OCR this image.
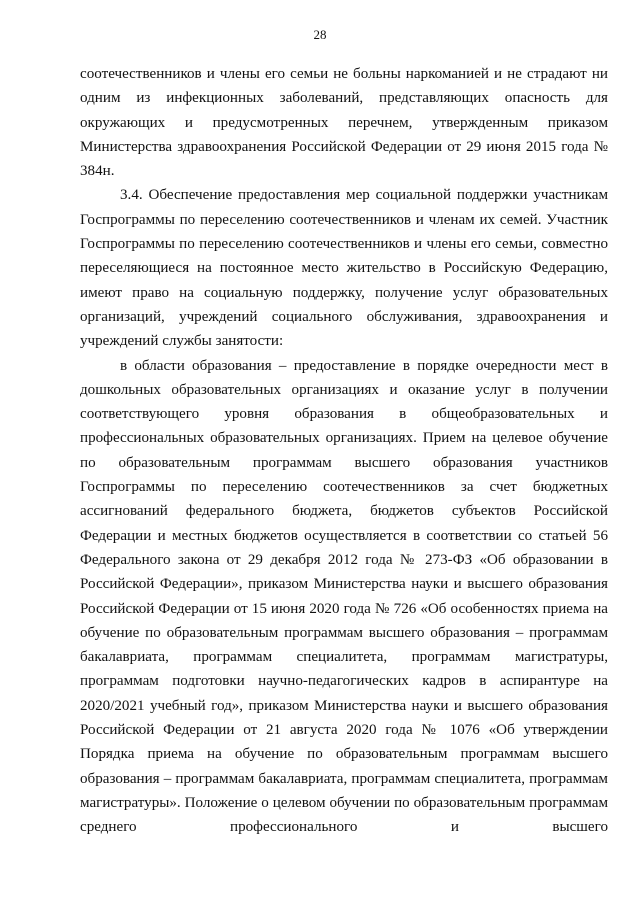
28

соотечественников и члены его семьи не больны наркоманией и не страдают ни одним из инфекционных заболеваний, представляющих опасность для окружающих и предусмотренных перечнем, утвержденным приказом Министерства здравоохранения Российской Федерации от 29 июня 2015 года № 384н.

3.4. Обеспечение предоставления мер социальной поддержки участникам Госпрограммы по переселению соотечественников и членам их семей. Участник Госпрограммы по переселению соотечественников и члены его семьи, совместно переселяющиеся на постоянное место жительство в Российскую Федерацию, имеют право на социальную поддержку, получение услуг образовательных организаций, учреждений социального обслуживания, здравоохранения и учреждений службы занятости:

в области образования – предоставление в порядке очередности мест в дошкольных образовательных организациях и оказание услуг в получении соответствующего уровня образования в общеобразовательных и профессиональных образовательных организациях. Прием на целевое обучение по образовательным программам высшего образования участников Госпрограммы по переселению соотечественников за счет бюджетных ассигнований федерального бюджета, бюджетов субъектов Российской Федерации и местных бюджетов осуществляется в соответствии со статьей 56 Федерального закона от 29 декабря 2012 года № 273-ФЗ «Об образовании в Российской Федерации», приказом Министерства науки и высшего образования Российской Федерации от 15 июня 2020 года № 726 «Об особенностях приема на обучение по образовательным программам высшего образования – программам бакалавриата, программам специалитета, программам магистратуры, программам подготовки научно-педагогических кадров в аспирантуре на 2020/2021 учебный год», приказом Министерства науки и высшего образования Российской Федерации от 21 августа 2020 года № 1076 «Об утверждении Порядка приема на обучение по образовательным программам высшего образования – программам бакалавриата, программам специалитета, программам магистратуры». Положение о целевом обучении по образовательным программам среднего профессионального и высшего
